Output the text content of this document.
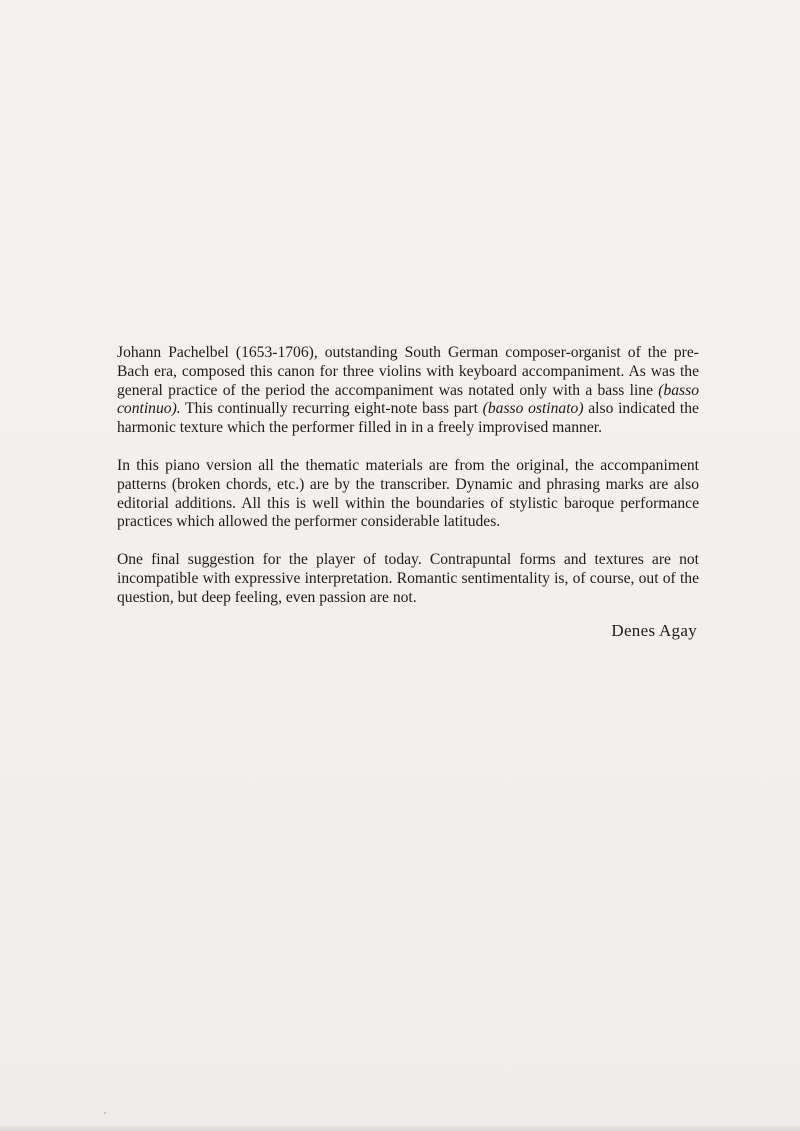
Johann Pachelbel (1653-1706), outstanding South German composer-organist of the pre-Bach era, composed this canon for three violins with keyboard accompaniment. As was the general practice of the period the accompaniment was notated only with a bass line (basso continuo). This continually recurring eight-note bass part (basso ostinato) also indicated the harmonic texture which the performer filled in in a freely improvised manner.

In this piano version all the thematic materials are from the original, the accompaniment patterns (broken chords, etc.) are by the transcriber. Dynamic and phrasing marks are also editorial additions. All this is well within the boundaries of stylistic baroque performance practices which allowed the performer considerable latitudes.

One final suggestion for the player of today. Contrapuntal forms and textures are not incompatible with expressive interpretation. Romantic sentimentality is, of course, out of the question, but deep feeling, even passion are not.

Denes Agay
